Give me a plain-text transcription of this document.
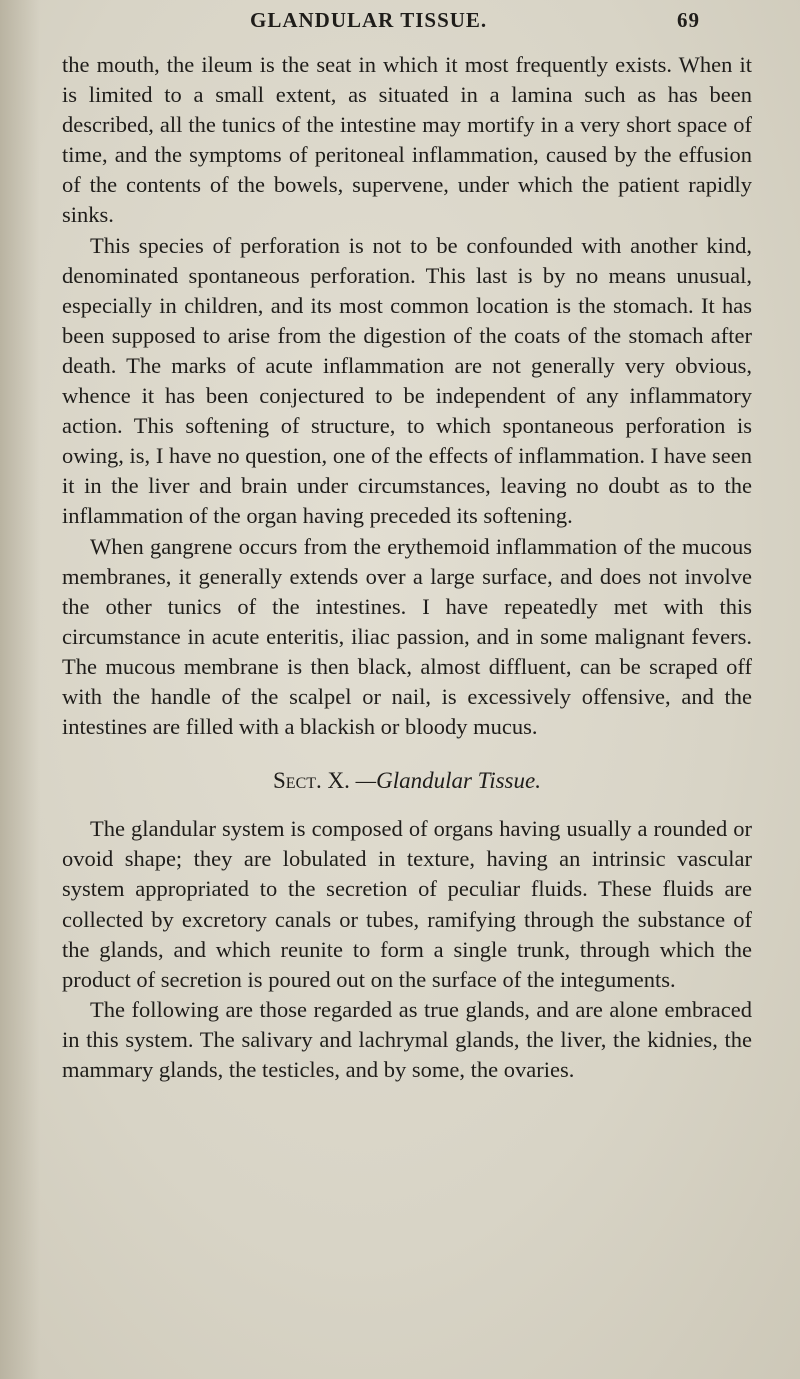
GLANDULAR TISSUE.	69

the mouth, the ileum is the seat in which it most frequently exists. When it is limited to a small extent, as situated in a lamina such as has been described, all the tunics of the intestine may mortify in a very short space of time, and the symptoms of peritoneal inflammation, caused by the effusion of the contents of the bowels, supervene, under which the patient rapidly sinks.

This species of perforation is not to be confounded with another kind, denominated spontaneous perforation. This last is by no means unusual, especially in children, and its most common location is the stomach. It has been supposed to arise from the digestion of the coats of the stomach after death. The marks of acute inflammation are not generally very obvious, whence it has been conjectured to be independent of any inflammatory action. This softening of structure, to which spontaneous perforation is owing, is, I have no question, one of the effects of inflammation. I have seen it in the liver and brain under circumstances, leaving no doubt as to the inflammation of the organ having preceded its softening.

When gangrene occurs from the erythemoid inflammation of the mucous membranes, it generally extends over a large surface, and does not involve the other tunics of the intestines. I have repeatedly met with this circumstance in acute enteritis, iliac passion, and in some malignant fevers. The mucous membrane is then black, almost diffluent, can be scraped off with the handle of the scalpel or nail, is excessively offensive, and the intestines are filled with a blackish or bloody mucus.

Sect. X. —Glandular Tissue.

The glandular system is composed of organs having usually a rounded or ovoid shape; they are lobulated in texture, having an intrinsic vascular system appropriated to the secretion of peculiar fluids. These fluids are collected by excretory canals or tubes, ramifying through the substance of the glands, and which reunite to form a single trunk, through which the product of secretion is poured out on the surface of the integuments.

The following are those regarded as true glands, and are alone embraced in this system. The salivary and lachrymal glands, the liver, the kidnies, the mammary glands, the testicles, and by some, the ovaries.
